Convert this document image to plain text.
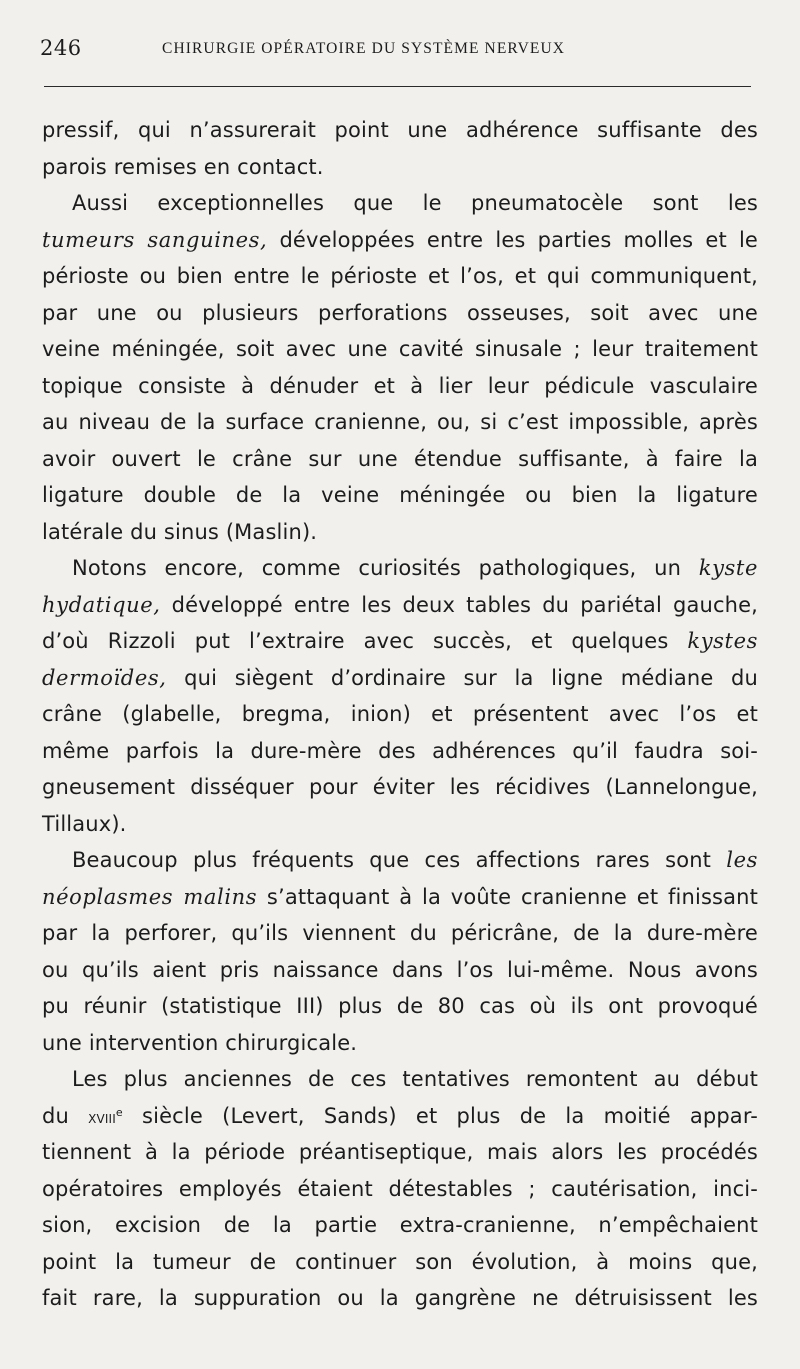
246	CHIRURGIE OPÉRATOIRE DU SYSTÈME NERVEUX
pressif, qui n’assurerait point une adhérence suffisante des
parois remises en contact.
Aussi exceptionnelles que le pneumatocèle sont les
tumeurs sanguines, développées entre les parties molles et le
périoste ou bien entre le périoste et l’os, et qui communiquent,
par une ou plusieurs perforations osseuses, soit avec une
veine méningée, soit avec une cavité sinusale ; leur traitement
topique consiste à dénuder et à lier leur pédicule vasculaire
au niveau de la surface cranienne, ou, si c’est impossible, après
avoir ouvert le crâne sur une étendue suffisante, à faire la
ligature double de la veine méningée ou bien la ligature
latérale du sinus (Maslin).
Notons encore, comme curiosités pathologiques, un kyste
hydatique, développé entre les deux tables du pariétal gauche,
d’où Rizzoli put l’extraire avec succès, et quelques kystes
dermoïdes, qui siègent d’ordinaire sur la ligne médiane du
crâne (glabelle, bregma, inion) et présentent avec l’os et
même parfois la dure-mère des adhérences qu’il faudra soi-
gneusement disséquer pour éviter les récidives (Lannelongue,
Tillaux).
Beaucoup plus fréquents que ces affections rares sont les
néoplasmes malins s’attaquant à la voûte cranienne et finissant
par la perforer, qu’ils viennent du péricrâne, de la dure-mère
ou qu’ils aient pris naissance dans l’os lui-même. Nous avons
pu réunir (statistique III) plus de 80 cas où ils ont provoqué
une intervention chirurgicale.
Les plus anciennes de ces tentatives remontent au début
du xviii$^e$ siècle (Levert, Sands) et plus de la moitié appar-
tiennent à la période préantiseptique, mais alors les procédés
opératoires employés étaient détestables ; cautérisation, inci-
sion, excision de la partie extra-cranienne, n’empêchaient
point la tumeur de continuer son évolution, à moins que,
fait rare, la suppuration ou la gangrène ne détruisissent les
